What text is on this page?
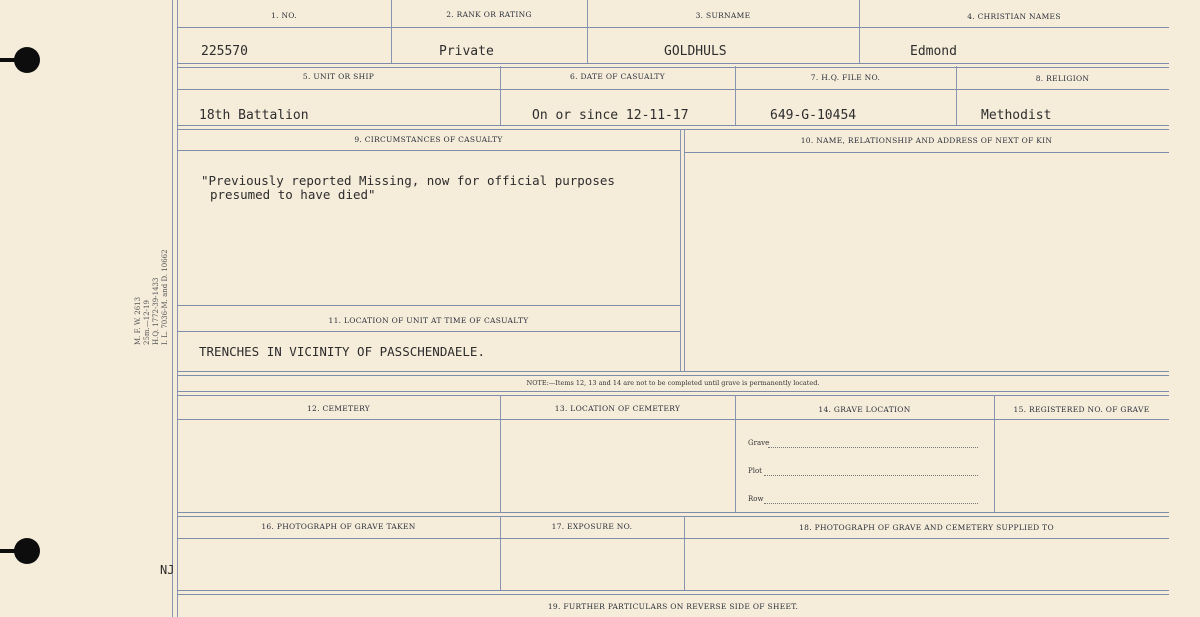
M. F. W. 2613 25m.—12-19 H.Q. 1772-39-1433 I. L. 7036-M. and D. 10662
NJ
1. NO.	2. RANK OR RATING	3. SURNAME	4. CHRISTIAN NAMES
225570	Private	GOLDHULS	Edmond
5. UNIT OR SHIP	6. DATE OF CASUALTY	7. H.Q. FILE NO.	8. RELIGION
18th Battalion	On or since 12-11-17	649-G-10454	Methodist
9. CIRCUMSTANCES OF CASUALTY	10. NAME, RELATIONSHIP AND ADDRESS OF NEXT OF KIN
"Previously reported Missing, now for official purposes
presumed to have died"
11. LOCATION OF UNIT AT TIME OF CASUALTY
TRENCHES IN VICINITY OF PASSCHENDAELE.
NOTE:—Items 12, 13 and 14 are not to be completed until grave is permanently located.
12. CEMETERY	13. LOCATION OF CEMETERY	14. GRAVE LOCATION	15. REGISTERED NO. OF GRAVE
Grave
Plot
Row
16. PHOTOGRAPH OF GRAVE TAKEN	17. EXPOSURE NO.	18. PHOTOGRAPH OF GRAVE AND CEMETERY SUPPLIED TO
19. FURTHER PARTICULARS ON REVERSE SIDE OF SHEET.
